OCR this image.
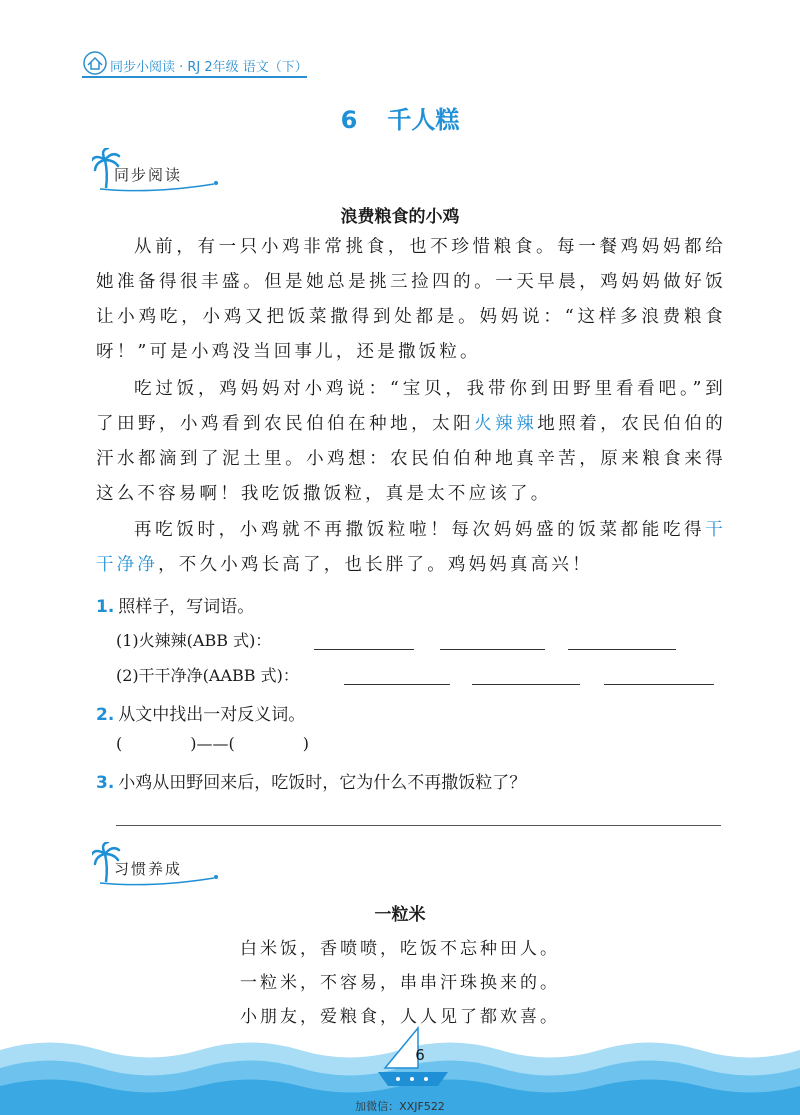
同步小阅读 · RJ 2年级 语文（下）
6 千人糕
同步阅读
浪费粮食的小鸡
从前，有一只小鸡非常挑食，也不珍惜粮食。每一餐鸡妈妈都给她准备得很丰盛。但是她总是挑三捡四的。一天早晨，鸡妈妈做好饭让小鸡吃，小鸡又把饭菜撒得到处都是。妈妈说：“这样多浪费粮食呀！”可是小鸡没当回事儿，还是撒饭粒。
吃过饭，鸡妈妈对小鸡说：“宝贝，我带你到田野里看看吧。”到了田野，小鸡看到农民伯伯在种地，太阳火辣辣地照着，农民伯伯的汗水都滴到了泥土里。小鸡想：农民伯伯种地真辛苦，原来粮食来得这么不容易啊！我吃饭撒饭粒，真是太不应该了。
再吃饭时，小鸡就不再撒饭粒啦！每次妈妈盛的饭菜都能吃得干干净净，不久小鸡长高了，也长胖了。鸡妈妈真高兴！
1. 照样子，写词语。
(1)火辣辣(ABB 式)：
(2)干干净净(AABB 式)：
2. 从文中找出一对反义词。
(	)——(	)
3. 小鸡从田野回来后，吃饭时，它为什么不再撒饭粒了？
习惯养成
一粒米
白米饭，香喷喷，吃饭不忘种田人。
一粒米，不容易，串串汗珠换来的。
小朋友，爱粮食，人人见了都欢喜。
6
加微信：XXJF522
